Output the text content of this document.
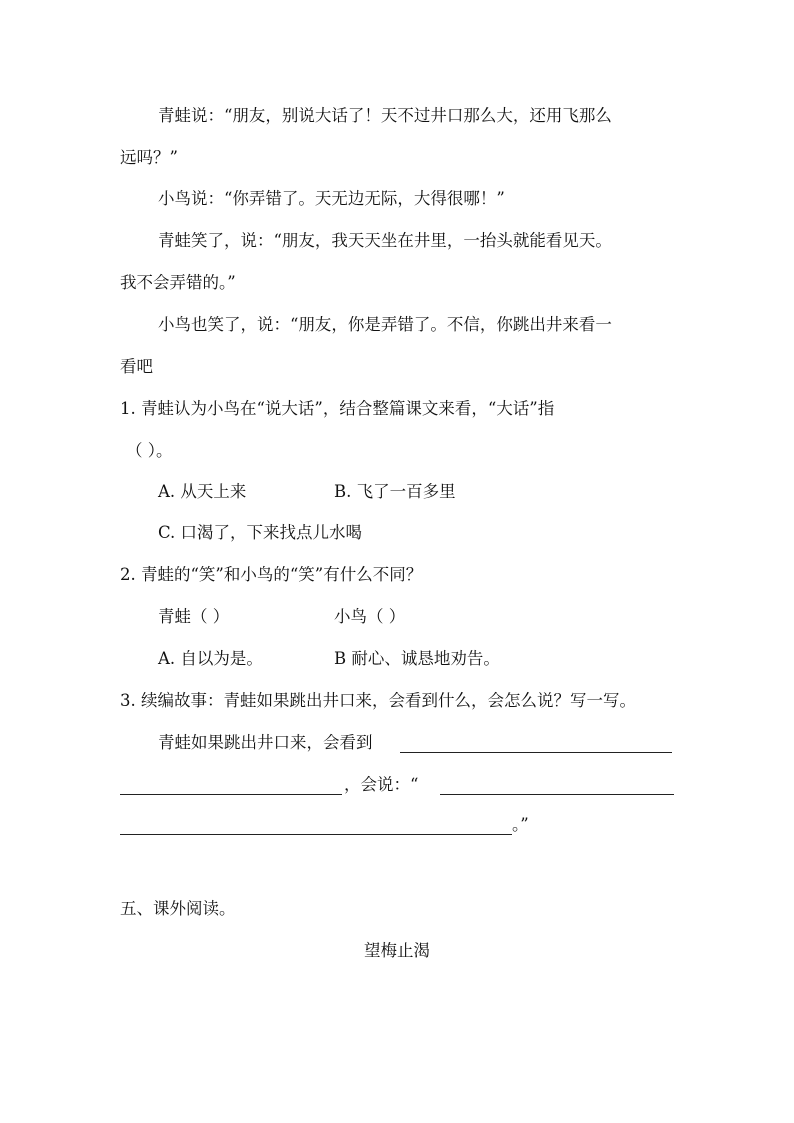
青蛙说：“朋友，别说大话了！天不过井口那么大，还用飞那么
远吗？”
小鸟说：“你弄错了。天无边无际，大得很哪！”
青蛙笑了，说：“朋友，我天天坐在井里，一抬头就能看见天。
我不会弄错的。”
小鸟也笑了，说：“朋友，你是弄错了。不信，你跳出井来看一
看吧
1. 青蛙认为小鸟在“说大话”，结合整篇课文来看，“大话”指
（ ）。
A. 从天上来	B. 飞了一百多里
C. 口渴了，下来找点儿水喝
2. 青蛙的“笑”和小鸟的“笑”有什么不同？
青蛙（ ）	小鸟（ ）
A. 自以为是。	B 耐心、诚恳地劝告。
3. 续编故事：青蛙如果跳出井口来，会看到什么，会怎么说？写一写。
青蛙如果跳出井口来，会看到
，会说：“
。”
五、课外阅读。
望梅止渴
